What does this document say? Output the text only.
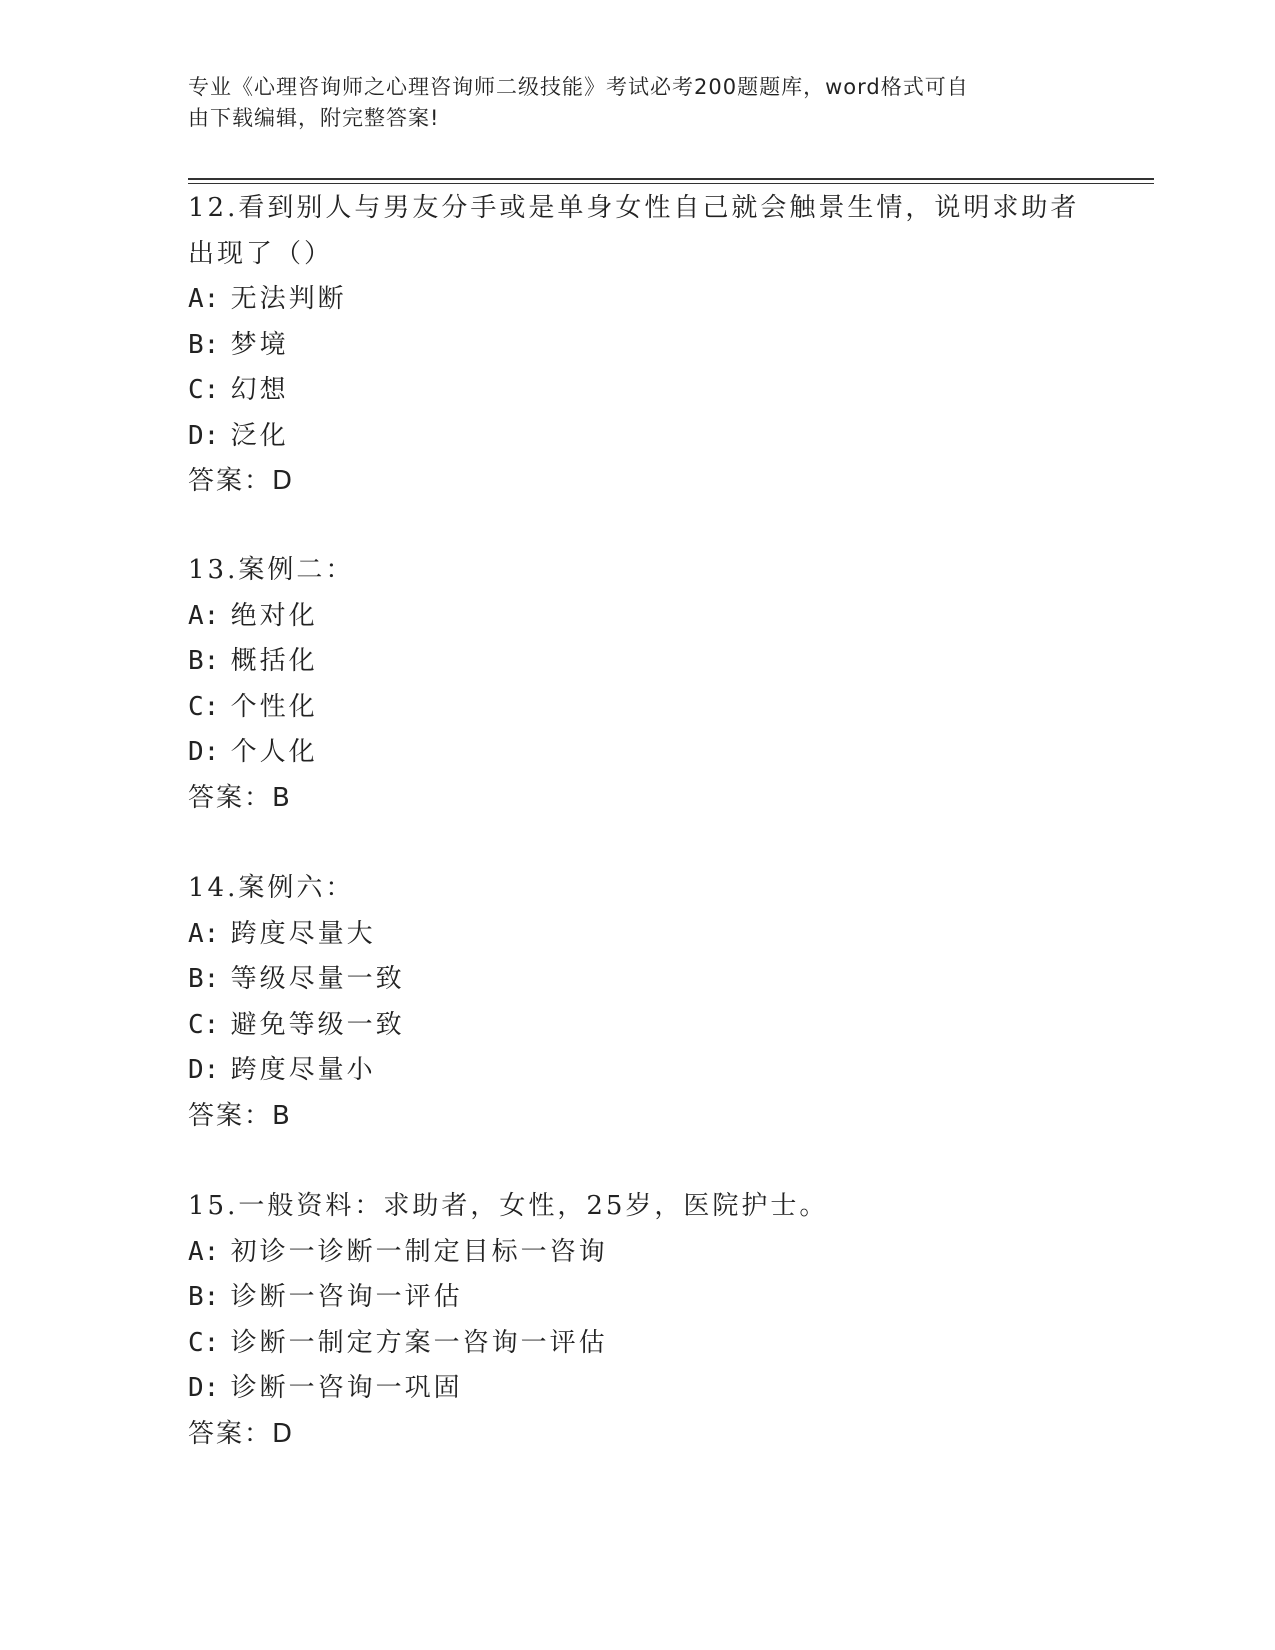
专业《心理咨询师之心理咨询师二级技能》考试必考200题题库，word格式可自
由下载编辑，附完整答案!
12.看到别人与男友分手或是单身女性自己就会触景生情，说明求助者
出现了（）
A: 无法判断
B: 梦境
C: 幻想
D: 泛化
答案：D
13.案例二：
A: 绝对化
B: 概括化
C: 个性化
D: 个人化
答案：B
14.案例六：
A: 跨度尽量大
B: 等级尽量一致
C: 避免等级一致
D: 跨度尽量小
答案：B
15.一般资料：求助者，女性，25岁，医院护士。
A: 初诊一诊断一制定目标一咨询
B: 诊断一咨询一评估
C: 诊断一制定方案一咨询一评估
D: 诊断一咨询一巩固
答案：D
